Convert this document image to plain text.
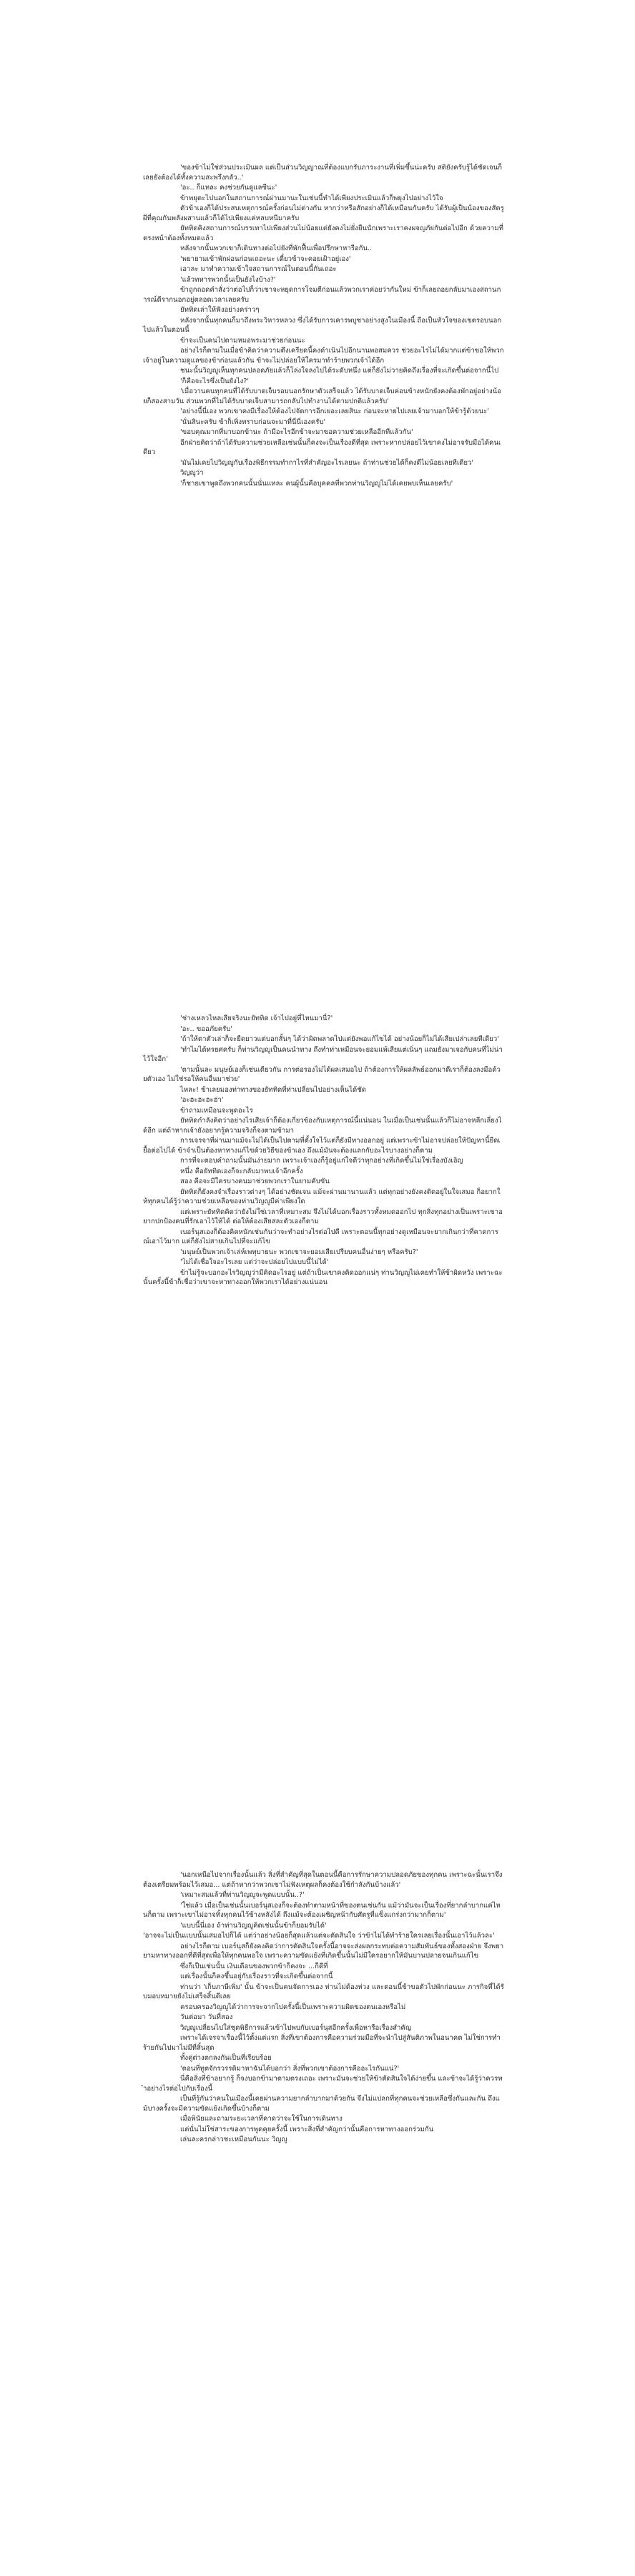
'ของข้าไม่ใช่ส่วนประเมินผล แต่เป็นส่วนวิญญาณที่ต้องแบกรับภาระงานที่เพิ่มขึ้นน่ะครับ สติยังครับรู้ได้ชัดเจนก็เลยยังต้องได้ทั้งความสะพรึงกลัว..'

'อะ.. ก็แหละ คงช่วยกันดูแลซีนะ'

ข้าพยุตะไปนอกในสถานการณ์ผ่านมานะในเช่นนี้ทำได้เพียงประเมินแล้วก็พยุงไปอย่างไว้ใจ

ตัวข้าเองก็ได้ประสบเหตุการณ์ครั้งก่อนไม่ต่างกัน หากว่าหรือสักอย่างก็ได้เหมือนกันครับ ได้รับผู้เป็นน้องของสัตรูผีที่คุณกันพลังผสานแล้วก็ได้ไปเพียงแค่หลบหนีมาครับ

ยัททิดคิงสถานการณ์บรรเทาไปเพียงส่วนไม่น้อยแต่ยังคงไม่ยั่งยืนนักเพราะเราคงผจญภัยกันต่อไปอีก ด้วยความที่ตรงหน้าต้องทั้งหมดแล้ว

หลังจากนั้นพวกเขาก็เดินทางต่อไปยังที่พักฟื้นเพื่อปรึกษาหารือกัน..

'พยายามเข้าพักผ่อนก่อนเถอะนะ เดี๋ยวข้าจะคอยเฝ้าอยู่เอง'

เอาละ มาทำความเข้าใจสถานการณ์ในตอนนี้กันเถอะ

'แล้วทหารพวกนั้นเป็นยังไงบ้าง?'

ข้าถูกถอดคำสั่งว่าต่อไปก็ว่าเขาจะหยุดการโจมตีก่อนแล้วพวกเราค่อยว่ากันใหม่ ข้าก็เลยถอยกลับมาเองสถานการณ์ดีรากนอกอยู่ตลอดเวลาเลยครับ

ยัททิดเล่าให้ฟังอย่างคร่าวๆ

หลังจากนั้นทุกคนก็มาถึงพระวิหารหลวง ซึ่งได้รับการเคารพบูชาอย่างสูงในเมืองนี้ ถือเป็นหัวใจของเขตรอบนอกไปแล้วในตอนนี้

ข้าจะเป็นคนไปตามหมอพระมาช่วยก่อนนะ

อย่างไรก็ตามในเมื่อข้าคิดว่าความตึงเครียดนี้คงดำเนินไปอีกนานพอสมควร ช่วยอะไรไม่ได้มากแต่ข้าขอให้พวกเจ้าอยู่ในความดูแลของข้าก่อนแล้วกัน ข้าจะไม่ปล่อยให้ใครมาทำร้ายพวกเจ้าได้อีก

ชนะนั้นวิญญูเห็นทุกคนปลอดภัยแล้วก็โล่งใจลงไปได้ระดับหนึ่ง แต่ก็ยังไม่วายคิดถึงเรื่องที่จะเกิดขึ้นต่อจากนี้ไป

'ก็คือจะไรซึ่งเป็นยังไง?'

'เมื่อวานคนทุกคนที่ได้รับบาดเจ็บรอบนอกรักษาตัวเสร็จแล้ว ได้รับบาดเจ็บค่อนข้างหนักยังคงต้องพักอยู่อย่างน้อยก็สองสามวัน ส่วนพวกที่ไม่ได้รับบาดเจ็บสามารถกลับไปทำงานได้ตามปกติแล้วครับ'

'อย่างนี้นี่เอง พวกเขาคงมีเรื่องให้ต้องไปจัดการอีกเยอะเลยสินะ ก่อนจะหายไปเลยเจ้ามาบอกให้ข้ารู้ด้วยนะ'

'นั่นสินะครับ ข้าก็เพิ่งทราบก่อนจะมาที่นี่นี่เองครับ'

'ขอบคุณมากที่มาบอกข้านะ ถ้ามีอะไรอีกข้าจะมาขอความช่วยเหลืออีกทีแล้วกัน'

อีกฝ่ายคิดว่าถ้าได้รับความช่วยเหลือเช่นนั้นก็คงจะเป็นเรื่องดีที่สุด เพราะหากปล่อยไว้เขาคงไม่อาจรับมือได้คนเดียว

'มันไม่เคยไปวิญญูกับเรื่องพิธีกรรมทำกาไรที่สำคัญอะไรเลยนะ ถ้าท่านช่วยได้ก็คงดีไม่น้อยเลยทีเดียว'

วิญญูว่า

'ก็ชายเขาพูดถึงพวกคนนั้นนั่นแหละ คนผู้นั้นคือบุคคลที่พวกท่านวิญญูไม่ได้เคยพบเห็นเลยครับ'

'ช่างเหลวไหลเสียจริงนะยัททิด เจ้าไปอยู่ที่ไหนมานี่?'

'อะ.. ขออภัยครับ'

'ถ้าให้ตาตัวเล่าก็จะยืดยาวแต่บอกสั้นๆ ได้ว่าผิดพลาดไปแต่ยังพอแก้ไขได้ อย่างน้อยก็ไม่ได้เสียเปล่าเลยทีเดียว'

'ทำไมได้ทรยศครับ ก็ท่านวิญญูเป็นคนนำทาง ถึงทำท่าเหมือนจะยอมแพ้เสียแต่เนิ่นๆ แถมยังมาเจอกับคนที่ไม่น่าไว้ใจอีก'

'ตามนั้นละ มนุษย์เองก็เช่นเดียวกัน การต่อรองไม่ได้ผลเสมอไป ถ้าต้องการให้ผลลัพธ์ออกมาดีเราก็ต้องลงมือด้วยตัวเอง ไม่ใช่รอให้คนอื่นมาช่วย'

ไหละ! ข้าเลยมองท่าทางของยัททิดที่ท่าเปลี่ยนไปอย่างเห็นได้ชัด

'อะฮะฮะฮะฮ่า'

ข้าถามเหมือนจะพูดอะไร

ยัททิดกำลังคิดว่าอย่างไรเสียเจ้าก็ต้องเกี่ยวข้องกับเหตุการณ์นี้แน่นอน ในเมื่อเป็นเช่นนั้นแล้วก็ไม่อาจหลีกเลี่ยงได้อีก แต่ถ้าหากเจ้ายังอยากรู้ความจริงก็จงตามข้ามา

การเจรจาที่ผ่านมาแม้จะไม่ได้เป็นไปตามที่ตั้งใจไว้แต่ก็ยังมีทางออกอยู่ แต่เพราะข้าไม่อาจปล่อยให้ปัญหานี้ยืดเยื้อต่อไปได้ ข้าจำเป็นต้องหาทางแก้ไขด้วยวิธีของข้าเอง ถึงแม้มันจะต้องแลกกับอะไรบางอย่างก็ตาม

การที่จะตอบคำถามนั้นมันง่ายมาก เพราะเจ้าเองก็รู้อยู่แก่ใจดีว่าทุกอย่างที่เกิดขึ้นไม่ใช่เรื่องบังเอิญ

หนึ่ง คือยัททิดเองก็จะกลับมาพบเจ้าอีกครั้ง

สอง คือจะมีใครบางคนมาช่วยพวกเราในยามคับขัน

ยัททิดก็ยังคงจำเรื่องราวต่างๆ ได้อย่างชัดเจน แม้จะผ่านมานานแล้ว แต่ทุกอย่างยังคงติดอยู่ในใจเสมอ ก็อยากให้ทุกคนได้รู้ว่าความช่วยเหลือของท่านวิญญูมีค่าเพียงใด

แต่เพราะยัททิดคิดว่ายังไม่ใช่เวลาที่เหมาะสม จึงไม่ได้บอกเรื่องราวทั้งหมดออกไป ทุกสิ่งทุกอย่างเป็นเพราะเขาอยากปกป้องคนที่รักเอาไว้ให้ได้ ต่อให้ต้องเสียสละตัวเองก็ตาม

เบอร์นุสเองก็ต้องคิดหนักเช่นกันว่าจะทำอย่างไรต่อไปดี เพราะตอนนี้ทุกอย่างดูเหมือนจะยากเกินกว่าที่คาดการณ์เอาไว้มาก แต่ก็ยังไม่สายเกินไปที่จะแก้ไข

'มนุษย์เป็นพวกเจ้าเล่ห์เพทุบายนะ พวกเขาจะยอมเสียเปรียบคนอื่นง่ายๆ หรือครับ?'

'ไม่ได้เชื่อใจอะไรเลย แต่ว่าจะปล่อยไปแบบนี้ไม่ได้'

ข้าไม่รู้จะบอกอะไรวิญญูว่ามีคิดอะไรอยู่ แต่ถ้าเป็นเขาคงคิดออกแน่ๆ ท่านวิญญูไม่เคยทำให้ข้าผิดหวัง เพราะฉะนั้นครั้งนี้ข้าก็เชื่อว่าเขาจะหาทางออกให้พวกเราได้อย่างแน่นอน

'นอกเหนือไปจากเรื่องนั้นแล้ว สิ่งที่สำคัญที่สุดในตอนนี้คือการรักษาความปลอดภัยของทุกคน เพราะฉะนั้นเราจึงต้องเตรียมพร้อมไว้เสมอ... แต่ถ้าหากว่าพวกเขาไม่ฟังเหตุผลก็คงต้องใช้กำลังกันบ้างแล้ว'

'เหมาะสมแล้วที่ท่านวิญญูจะพูดแบบนั้น..?'

'ใช่แล้ว เมื่อเป็นเช่นนั้นเบอร์นุสเองก็จะต้องทำตามหน้าที่ของตนเช่นกัน แม้ว่ามันจะเป็นเรื่องที่ยากลำบากแค่ไหนก็ตาม เพราะเขาไม่อาจทิ้งทุกคนไว้ข้างหลังได้ ถึงแม้จะต้องเผชิญหน้ากับศัตรูที่แข็งแกร่งกว่ามากก็ตาม'

'แบบนี้นี่เอง ถ้าท่านวิญญูคิดเช่นนั้นข้าก็ยอมรับได้'

'อาจจะไม่เป็นแบบนั้นเสมอไปก็ได้ แต่ว่าอย่างน้อยก็สุดแล้วแต่จะตัดสินใจ ว่าข้าไม่ได้ทำร้ายใครเลยเรื่องนั้นเอาไว้แล้วละ'

อย่างไรก็ตาม เบอร์นุสก็ยังคงคิดว่าการตัดสินใจครั้งนี้อาจจะส่งผลกระทบต่อความสัมพันธ์ของทั้งสองฝ่าย จึงพยายามหาทางออกที่ดีที่สุดเพื่อให้ทุกคนพอใจ เพราะความขัดแย้งที่เกิดขึ้นนั้นไม่มีใครอยากให้มันบานปลายจนเกินแก้ไข

ซึ่งก็เป็นเช่นนั้น เงินเดือนของพวกข้าก็คงจะ ...ก็ดีที่

แต่เรื่องนั้นก็คงขึ้นอยู่กับเรื่องราวที่จะเกิดขึ้นต่อจากนี้

ท่านว่า 'เก็บภาษีเพิ่ม' นั้น ข้าจะเป็นคนจัดการเอง ท่านไม่ต้องห่วง และตอนนี้ข้าขอตัวไปพักก่อนนะ ภารกิจที่ได้รับมอบหมายยังไม่เสร็จสิ้นดีเลย

ครอบครองวิญญูได้ว่าการจะจากไปครั้งนี้เป็นเพราะความผิดของตนเองหรือไม่

วันต่อมา วันที่สอง

วิญญูเปลี่ยนไปใส่ชุดพิธีการแล้วเข้าไปพบกับเบอร์นุสอีกครั้งเพื่อหารือเรื่องสำคัญ

เพราะได้เจรจาเรื่องนี้ไว้ตั้งแต่แรก สิ่งที่เขาต้องการคือความร่วมมือที่จะนำไปสู่สันติภาพในอนาคต ไม่ใช่การทำร้ายกันไปมาไม่มีที่สิ้นสุด

ทั้งคู่ต่างตกลงกันเป็นที่เรียบร้อย

'ตอนที่ทูตจักรวรรดิมาหาฉันได้บอกว่า สิ่งที่พวกเขาต้องการคืออะไรกันแน่?'

นี่คือสิ่งที่ข้าอยากรู้ ก็จงบอกข้ามาตามตรงเถอะ เพราะมันจะช่วยให้ข้าตัดสินใจได้ง่ายขึ้น และข้าจะได้รู้ว่าควรทำอย่างไรต่อไปกับเรื่องนี้

เป็นที่รู้กันว่าคนในเมืองนี้เคยผ่านความยากลำบากมาด้วยกัน จึงไม่แปลกที่ทุกคนจะช่วยเหลือซึ่งกันและกัน ถึงแม้บางครั้งจะมีความขัดแย้งเกิดขึ้นบ้างก็ตาม

เมื่อพินัยและถามระยะเวลาที่คาดว่าจะใช้ในการเดินทาง

แต่นั่นไม่ใช่สาระของการพูดคุยครั้งนี้ เพราะสิ่งที่สำคัญกว่านั้นคือการหาทางออกร่วมกัน

เล่นละครกล่าวชะเหมือนกันนะ วิญญู
